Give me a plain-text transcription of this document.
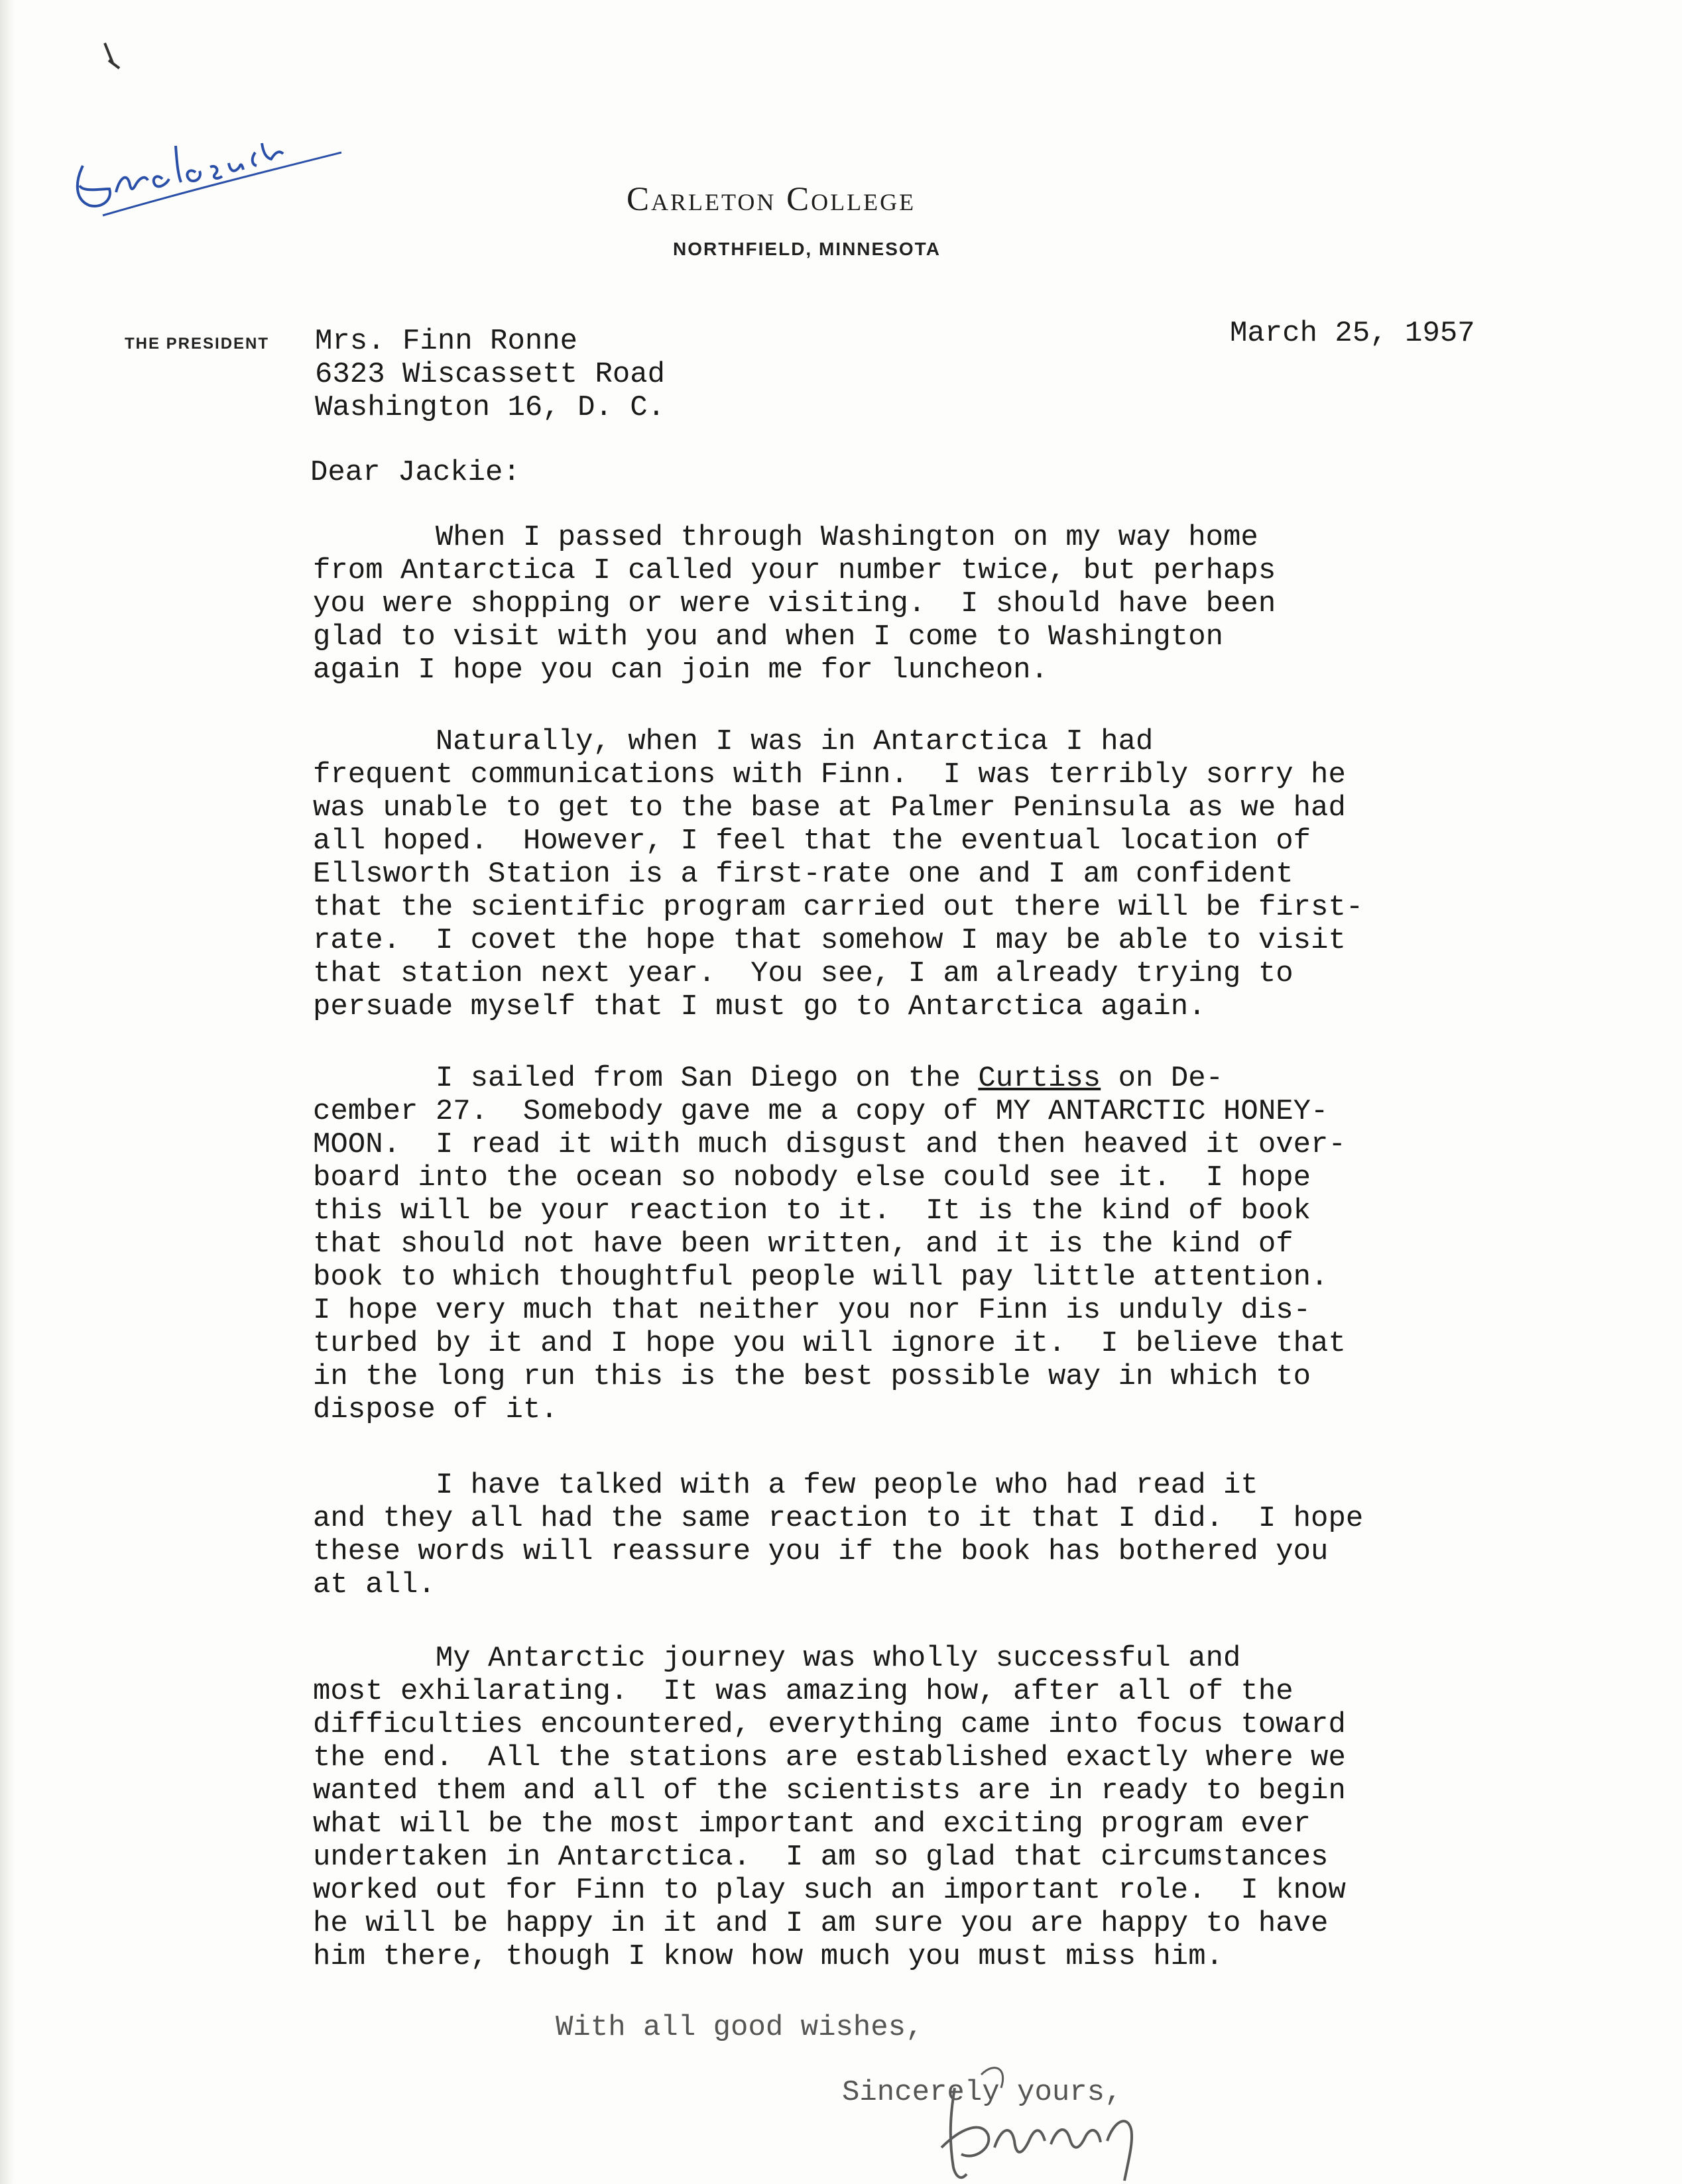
Carleton College
NORTHFIELD, MINNESOTA
THE PRESIDENT	March 25, 1957
Mrs. Finn Ronne
6323 Wiscassett Road
Washington 16, D. C.
Dear Jackie:
When I passed through Washington on my way home
from Antarctica I called your number twice, but perhaps
you were shopping or were visiting.  I should have been
glad to visit with you and when I come to Washington
again I hope you can join me for luncheon.
Naturally, when I was in Antarctica I had
frequent communications with Finn.  I was terribly sorry he
was unable to get to the base at Palmer Peninsula as we had
all hoped.  However, I feel that the eventual location of
Ellsworth Station is a first-rate one and I am confident
that the scientific program carried out there will be first-
rate.  I covet the hope that somehow I may be able to visit
that station next year.  You see, I am already trying to
persuade myself that I must go to Antarctica again.
I sailed from San Diego on the Curtiss on De-
cember 27.  Somebody gave me a copy of MY ANTARCTIC HONEY-
MOON.  I read it with much disgust and then heaved it over-
board into the ocean so nobody else could see it.  I hope
this will be your reaction to it.  It is the kind of book
that should not have been written, and it is the kind of
book to which thoughtful people will pay little attention.
I hope very much that neither you nor Finn is unduly dis-
turbed by it and I hope you will ignore it.  I believe that
in the long run this is the best possible way in which to
dispose of it.
I have talked with a few people who had read it
and they all had the same reaction to it that I did.  I hope
these words will reassure you if the book has bothered you
at all.
My Antarctic journey was wholly successful and
most exhilarating.  It was amazing how, after all of the
difficulties encountered, everything came into focus toward
the end.  All the stations are established exactly where we
wanted them and all of the scientists are in ready to begin
what will be the most important and exciting program ever
undertaken in Antarctica.  I am so glad that circumstances
worked out for Finn to play such an important role.  I know
he will be happy in it and I am sure you are happy to have
him there, though I know how much you must miss him.
With all good wishes,
Sincerely yours,
